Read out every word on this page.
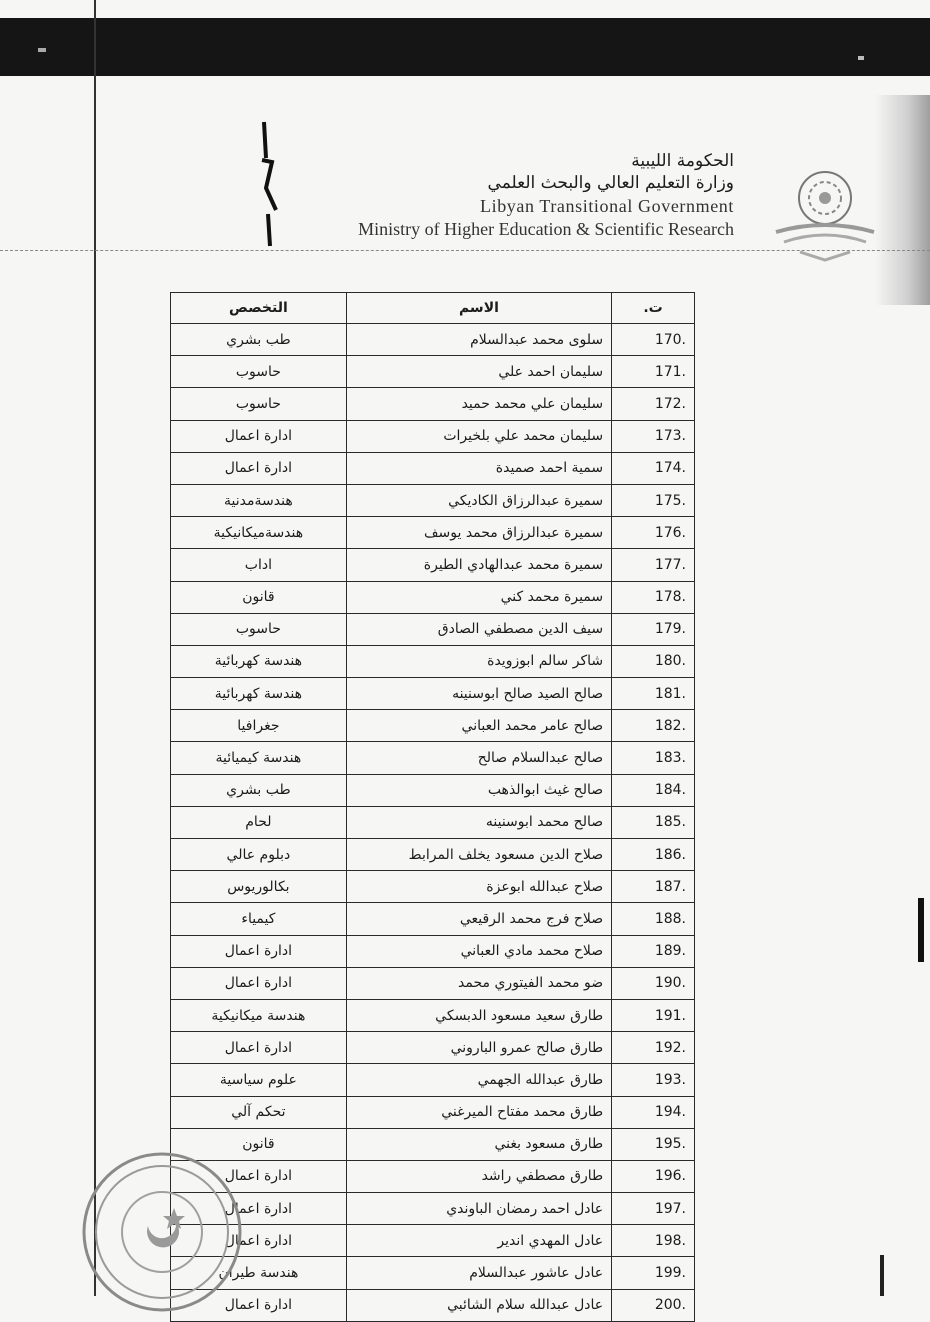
الحكومة الليبية
وزارة التعليم العالي والبحث العلمي
Libyan Transitional Government
Ministry of Higher Education & Scientific Research
ت.	الاسم	التخصص
170.	سلوى محمد عبدالسلام	طب بشري
171.	سليمان احمد علي	حاسوب
172.	سليمان علي محمد حميد	حاسوب
173.	سليمان محمد علي بلخيرات	ادارة اعمال
174.	سمية احمد صميدة	ادارة اعمال
175.	سميرة عبدالرزاق الكاديكي	هندسةمدنية
176.	سميرة عبدالرزاق محمد يوسف	هندسةميكانيكية
177.	سميرة محمد عبدالهادي الطيرة	اداب
178.	سميرة محمد كني	قانون
179.	سيف الدين مصطفي الصادق	حاسوب
180.	شاكر سالم ابوزويدة	هندسة كهربائية
181.	صالح الصيد صالح ابوسنينه	هندسة كهربائية
182.	صالح عامر محمد العباني	جغرافيا
183.	صالح عبدالسلام صالح	هندسة كيميائية
184.	صالح غيث ابوالذهب	طب بشري
185.	صالح محمد ابوسنينه	لحام
186.	صلاح الدين مسعود يخلف المرابط	دبلوم عالي
187.	صلاح عبدالله ابوعزة	بكالوريوس
188.	صلاح فرج محمد الرقيعي	كيمياء
189.	صلاح محمد مادي العباني	ادارة اعمال
190.	ضو محمد الفيتوري محمد	ادارة اعمال
191.	طارق سعيد مسعود الدبسكي	هندسة ميكانيكية
192.	طارق صالح عمرو الباروني	ادارة اعمال
193.	طارق عبدالله الجهمي	علوم سياسية
194.	طارق محمد مفتاح الميرغني	تحكم آلي
195.	طارق مسعود بغني	قانون
196.	طارق مصطفي راشد	ادارة اعمال
197.	عادل احمد رمضان الباوندي	ادارة اعمال
198.	عادل المهدي اندير	ادارة اعمال
199.	عادل عاشور عبدالسلام	هندسة طيران
200.	عادل عبدالله سلام الشائبي	ادارة اعمال
